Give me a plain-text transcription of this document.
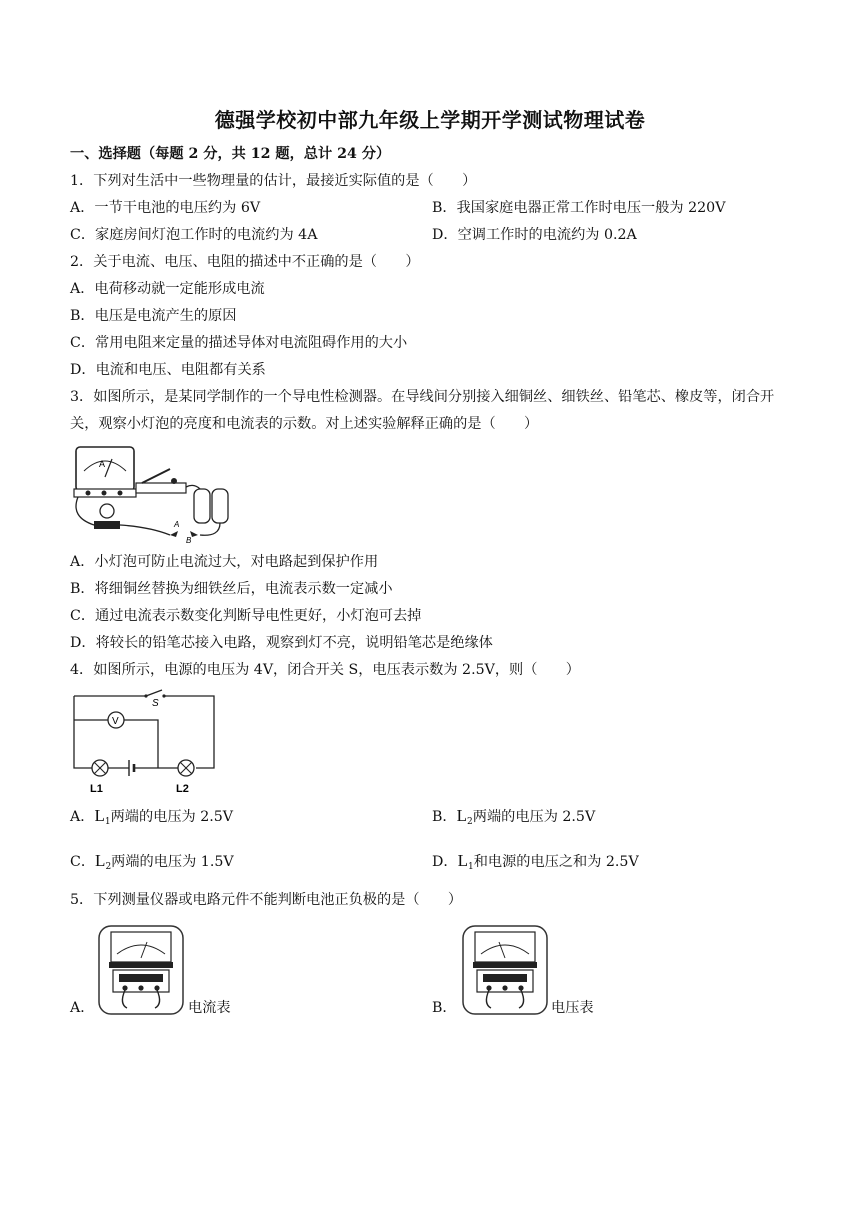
德强学校初中部九年级上学期开学测试物理试卷
一、选择题（每题 2 分，共 12 题，总计 24 分）
1．下列对生活中一些物理量的估计，最接近实际值的是（　　）
A．一节干电池的电压约为 6V	B．我国家庭电器正常工作时电压一般为 220V
C．家庭房间灯泡工作时的电流约为 4A	D．空调工作时的电流约为 0.2A
2．关于电流、电压、电阻的描述中不正确的是（　　）
A．电荷移动就一定能形成电流
B．电压是电流产生的原因
C．常用电阻来定量的描述导体对电流阻碍作用的大小
D．电流和电压、电阻都有关系
3．如图所示，是某同学制作的一个导电性检测器。在导线间分别接入细铜丝、细铁丝、铅笔芯、橡皮等，闭合开关，观察小灯泡的亮度和电流表的示数。对上述实验解释正确的是（　　）
A
A
B
A．小灯泡可防止电流过大，对电路起到保护作用
B．将细铜丝替换为细铁丝后，电流表示数一定减小
C．通过电流表示数变化判断导电性更好，小灯泡可去掉
D．将较长的铅笔芯接入电路，观察到灯不亮，说明铅笔芯是绝缘体
4．如图所示，电源的电压为 4V，闭合开关 S，电压表示数为 2.5V，则（　　）
S
V
L1	L2
A．$L_1$两端的电压为 2.5V	B．$L_2$两端的电压为 2.5V
C．$L_2$两端的电压为 1.5V	D．$L_1$和电源的电压之和为 2.5V
5．下列测量仪器或电路元件不能判断电池正负极的是（　　）
A．	电流表	B．	电压表
